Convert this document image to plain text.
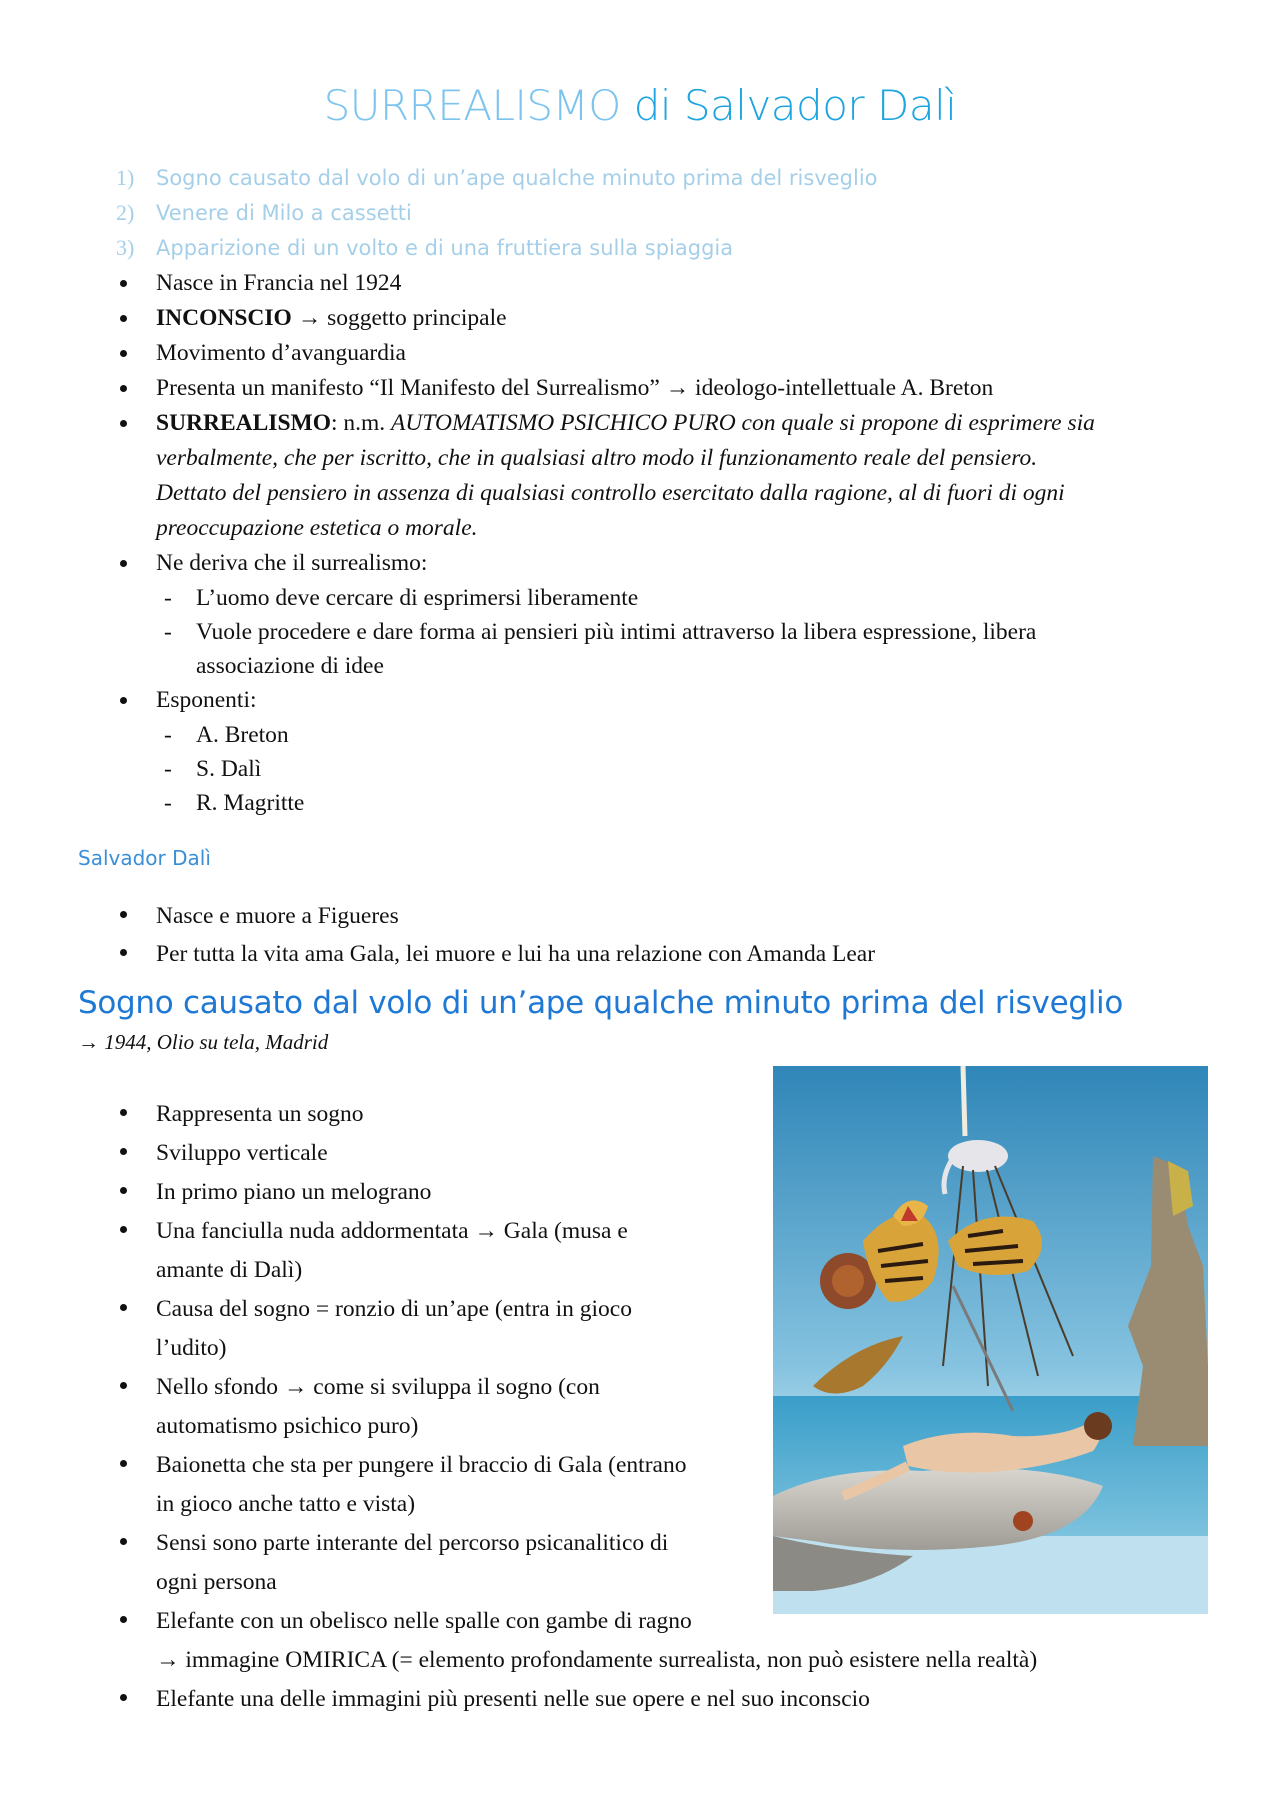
SURREALISMO di Salvador Dalì
1) Sogno causato dal volo di un’ape qualche minuto prima del risveglio
2) Venere di Milo a cassetti
3) Apparizione di un volto e di una fruttiera sulla spiaggia
Nasce in Francia nel 1924
INCONSCIO → soggetto principale
Movimento d’avanguardia
Presenta un manifesto “Il Manifesto del Surrealismo” → ideologo-intellettuale A. Breton
SURREALISMO: n.m. AUTOMATISMO PSICHICO PURO con quale si propone di esprimere sia
verbalmente, che per iscritto, che in qualsiasi altro modo il funzionamento reale del pensiero.
Dettato del pensiero in assenza di qualsiasi controllo esercitato dalla ragione, al di fuori di ogni
preoccupazione estetica o morale.
Ne deriva che il surrealismo:
- L’uomo deve cercare di esprimersi liberamente
- Vuole procedere e dare forma ai pensieri più intimi attraverso la libera espressione, libera
associazione di idee
Esponenti:
- A. Breton
- S. Dalì
- R. Magritte
Salvador Dalì
Nasce e muore a Figueres
Per tutta la vita ama Gala, lei muore e lui ha una relazione con Amanda Lear
Sogno causato dal volo di un’ape qualche minuto prima del risveglio
→ 1944, Olio su tela, Madrid
Rappresenta un sogno
Sviluppo verticale
In primo piano un melograno
Una fanciulla nuda addormentata → Gala (musa e
amante di Dalì)
Causa del sogno = ronzio di un’ape (entra in gioco
l’udito)
Nello sfondo → come si sviluppa il sogno (con
automatismo psichico puro)
Baionetta che sta per pungere il braccio di Gala (entrano
in gioco anche tatto e vista)
Sensi sono parte interante del percorso psicanalitico di
ogni persona
Elefante con un obelisco nelle spalle con gambe di ragno
→ immagine OMIRICA (= elemento profondamente surrealista, non può esistere nella realtà)
Elefante una delle immagini più presenti nelle sue opere e nel suo inconscio
